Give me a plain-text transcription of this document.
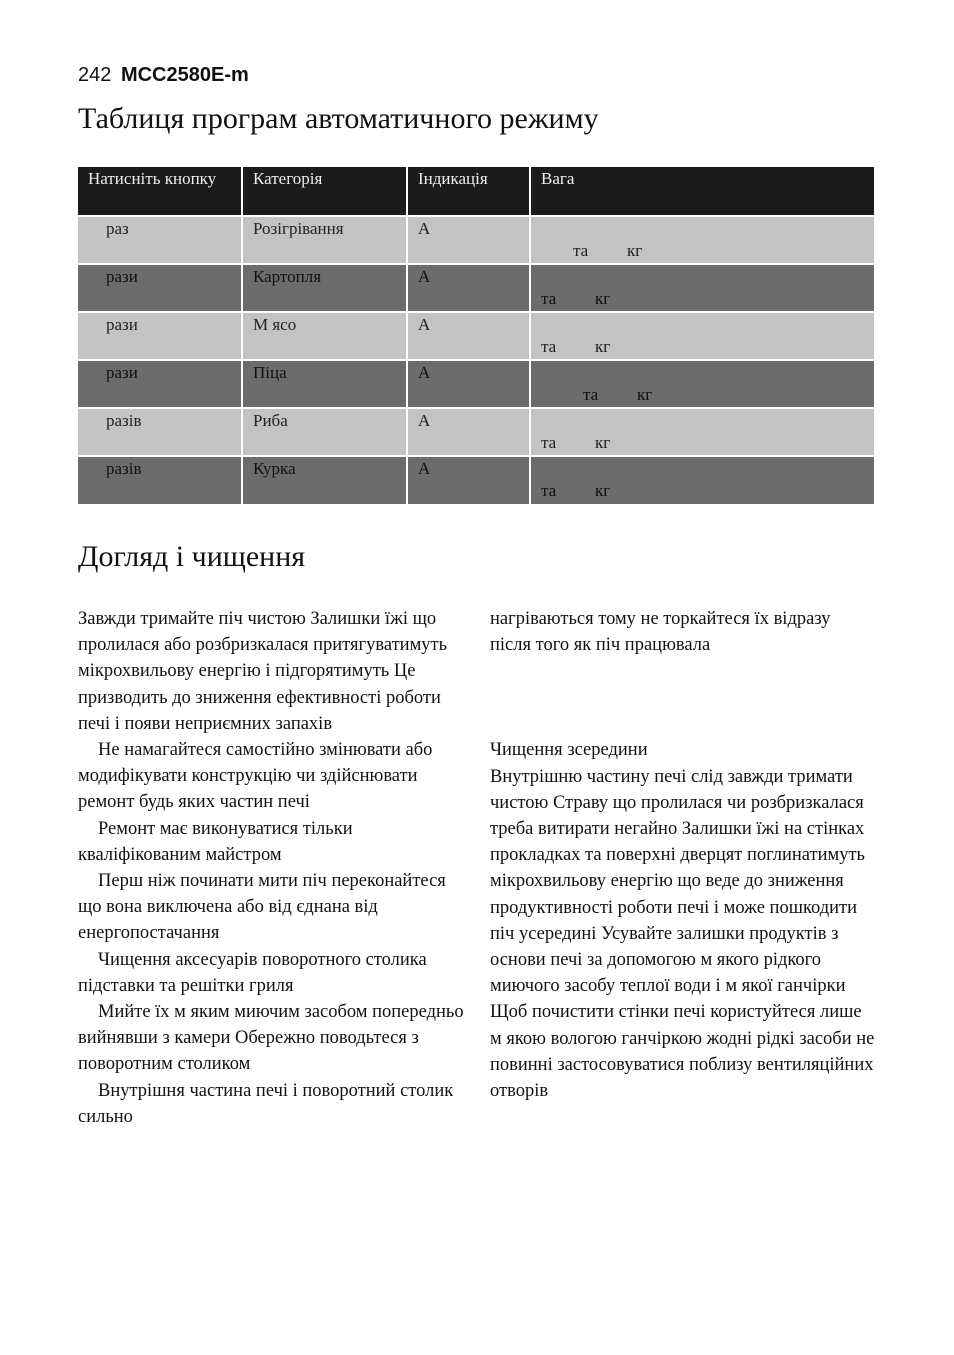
242 MCC2580E-m
Таблиця програм автоматичного режиму
Натисніть кнопку	Категорія	Індикація	Вага
раз	Розігрівання	A	та кг

рази	Картопля	A	та кг

рази	М ясо	A	та кг

рази	Піца	A	та кг

разів	Риба	A	та кг

разів	Курка	A	та кг
Догляд і чищення

Завжди тримайте піч чистою Залишки їжі що пролилася або розбризкалася притягуватимуть мікрохвильову енергію і підгорятимуть Це призводить до зниження ефективності роботи печі і появи неприємних запахів

Не намагайтеся самостійно змінювати або модифікувати конструкцію чи здійснювати ремонт будь яких частин печі

Ремонт має виконуватися тільки кваліфікованим майстром

Перш ніж починати мити піч переконайтеся що вона виключена або від єднана від енергопостачання

Чищення аксесуарів поворотного столика підставки та решітки гриля

Мийте їх м яким миючим засобом попередньо вийнявши з камери Обережно поводьтеся з поворотним столиком

Внутрішня частина печі і поворотний столик сильно

нагріваються тому не торкайтеся їх відразу після того як піч працювала

Чищення зсередини

Внутрішню частину печі слід завжди тримати чистою Страву що пролилася чи розбризкалася треба витирати негайно Залишки їжі на стінках прокладках та поверхні дверцят поглинатимуть мікрохвильову енергію що веде до зниження продуктивності роботи печі і може пошкодити піч усередині Усувайте залишки продуктів з основи печі за допомогою м якого рідкого миючого засобу теплої води і м якої ганчірки Щоб почистити стінки печі користуйтеся лише м якою вологою ганчіркою жодні рідкі засоби не повинні застосовуватися поблизу вентиляційних отворів
